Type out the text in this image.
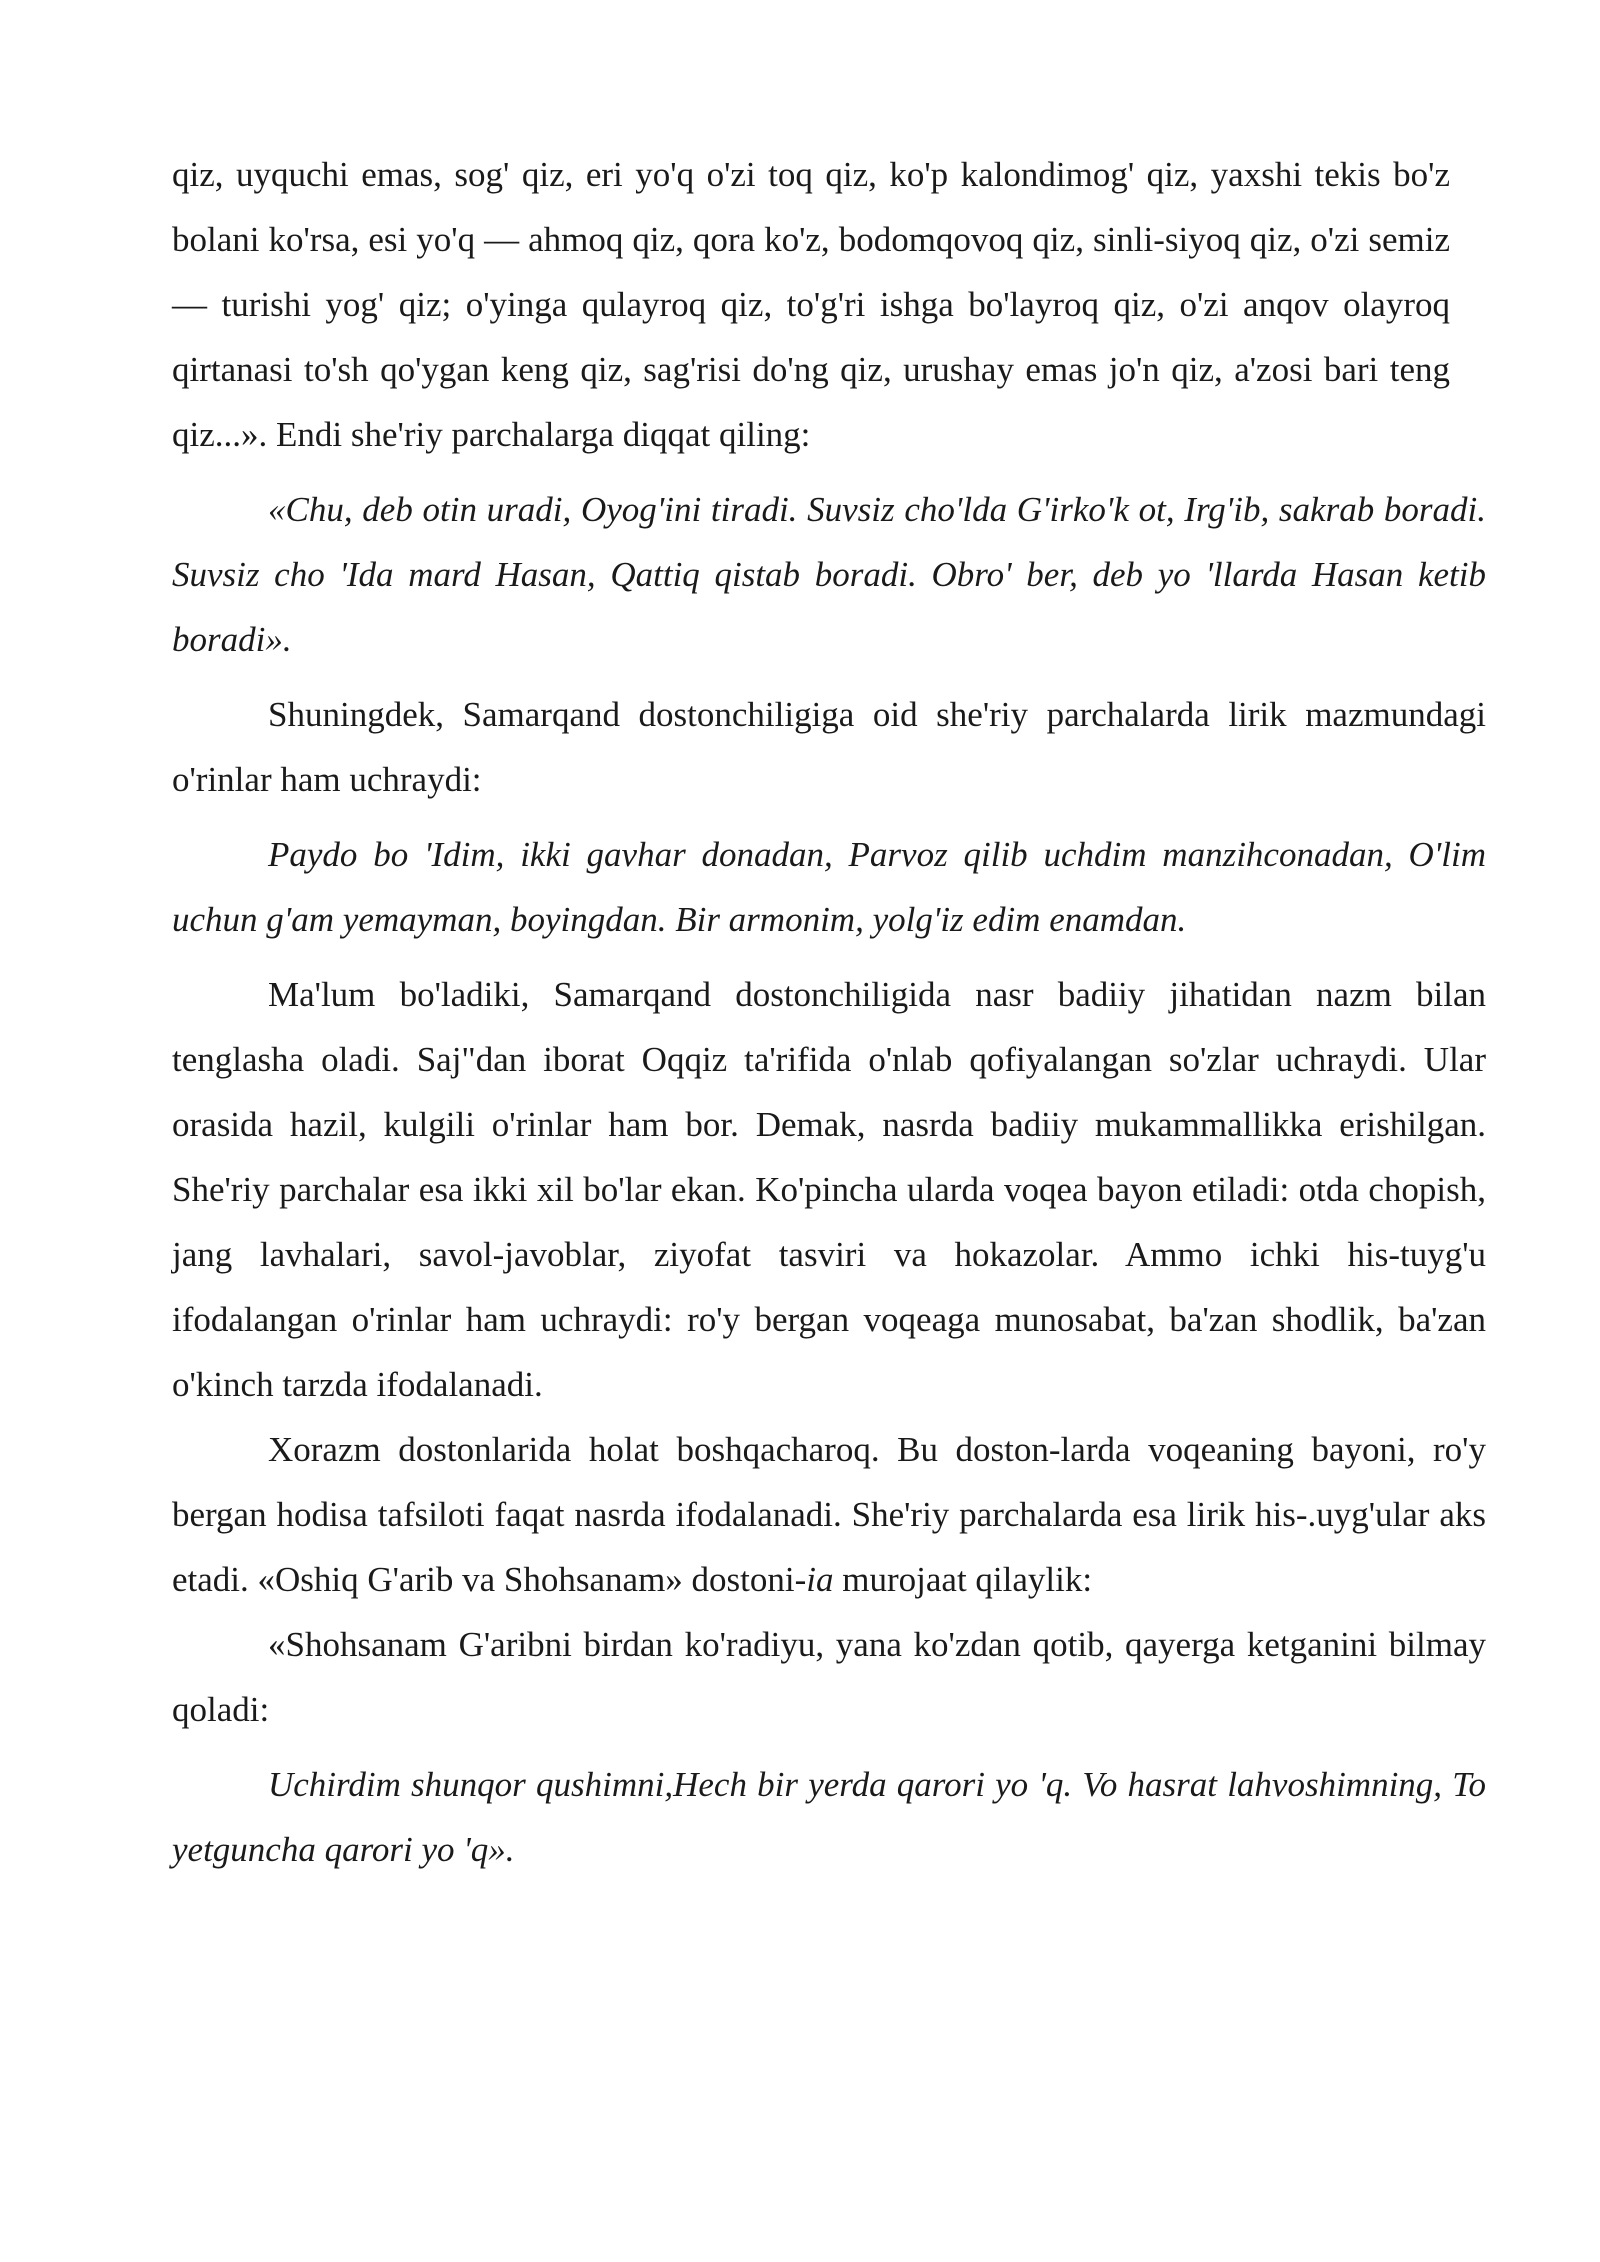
qiz, uyquchi emas, sog' qiz, eri yo'q o'zi toq qiz, ko'p kalondimog' qiz, yaxshi tekis bo'z bolani ko'rsa, esi yo'q — ahmoq qiz, qora ko'z, bodomqovoq qiz, sinli-siyoq qiz, o'zi semiz — turishi yog' qiz; o'yinga qulayroq qiz, to'g'ri ishga bo'layroq qiz, o'zi anqov olayroq qirtanasi to'sh qo'ygan keng qiz, sag'risi do'ng qiz, urushay emas jo'n qiz, a'zosi bari teng qiz...». Endi she'riy parchalarga diqqat qiling:

«Chu, deb otin uradi, Oyog'ini tiradi. Suvsiz cho'lda G'irko'k ot, Irg'ib, sakrab boradi. Suvsiz cho 'Ida mard Hasan, Qattiq qistab boradi. Obro' ber, deb yo 'llarda Hasan ketib boradi».

Shuningdek, Samarqand dostonchiligiga oid she'riy parchalarda lirik mazmundagi o'rinlar ham uchraydi:

Paydo bo 'Idim, ikki gavhar donadan, Parvoz qilib uchdim manzihconadan, O'lim uchun g'am yemayman, boyingdan. Bir armonim, yolg'iz edim enamdan.

Ma'lum bo'ladiki, Samarqand dostonchiligida nasr badiiy jihatidan nazm bilan tenglasha oladi. Saj"dan iborat Oqqiz ta'rifida o'nlab qofiyalangan so'zlar uchraydi. Ular orasida hazil, kulgili o'rinlar ham bor. Demak, nasrda badiiy mukammallikka erishilgan. She'riy parchalar esa ikki xil bo'lar ekan. Ko'pincha ularda voqea bayon etiladi: otda chopish, jang lavhalari, savol-javoblar, ziyofat tasviri va hokazolar. Ammo ichki his-tuyg'u ifodalangan o'rinlar ham uchraydi: ro'y bergan voqeaga munosabat, ba'zan shodlik, ba'zan o'kinch tarzda ifodalanadi.

Xorazm dostonlarida holat boshqacharoq. Bu doston-larda voqeaning bayoni, ro'y bergan hodisa tafsiloti faqat nasrda ifodalanadi. She'riy parchalarda esa lirik his-.uyg'ular aks etadi. «Oshiq G'arib va Shohsanam» dostoni-ia murojaat qilaylik:

«Shohsanam G'aribni birdan ko'radiyu, yana ko'zdan qotib, qayerga ketganini bilmay qoladi:

Uchirdim shunqor qushimni,Hech bir yerda qarori yo 'q. Vo hasrat lahvoshimning, To yetguncha qarori yo 'q».
